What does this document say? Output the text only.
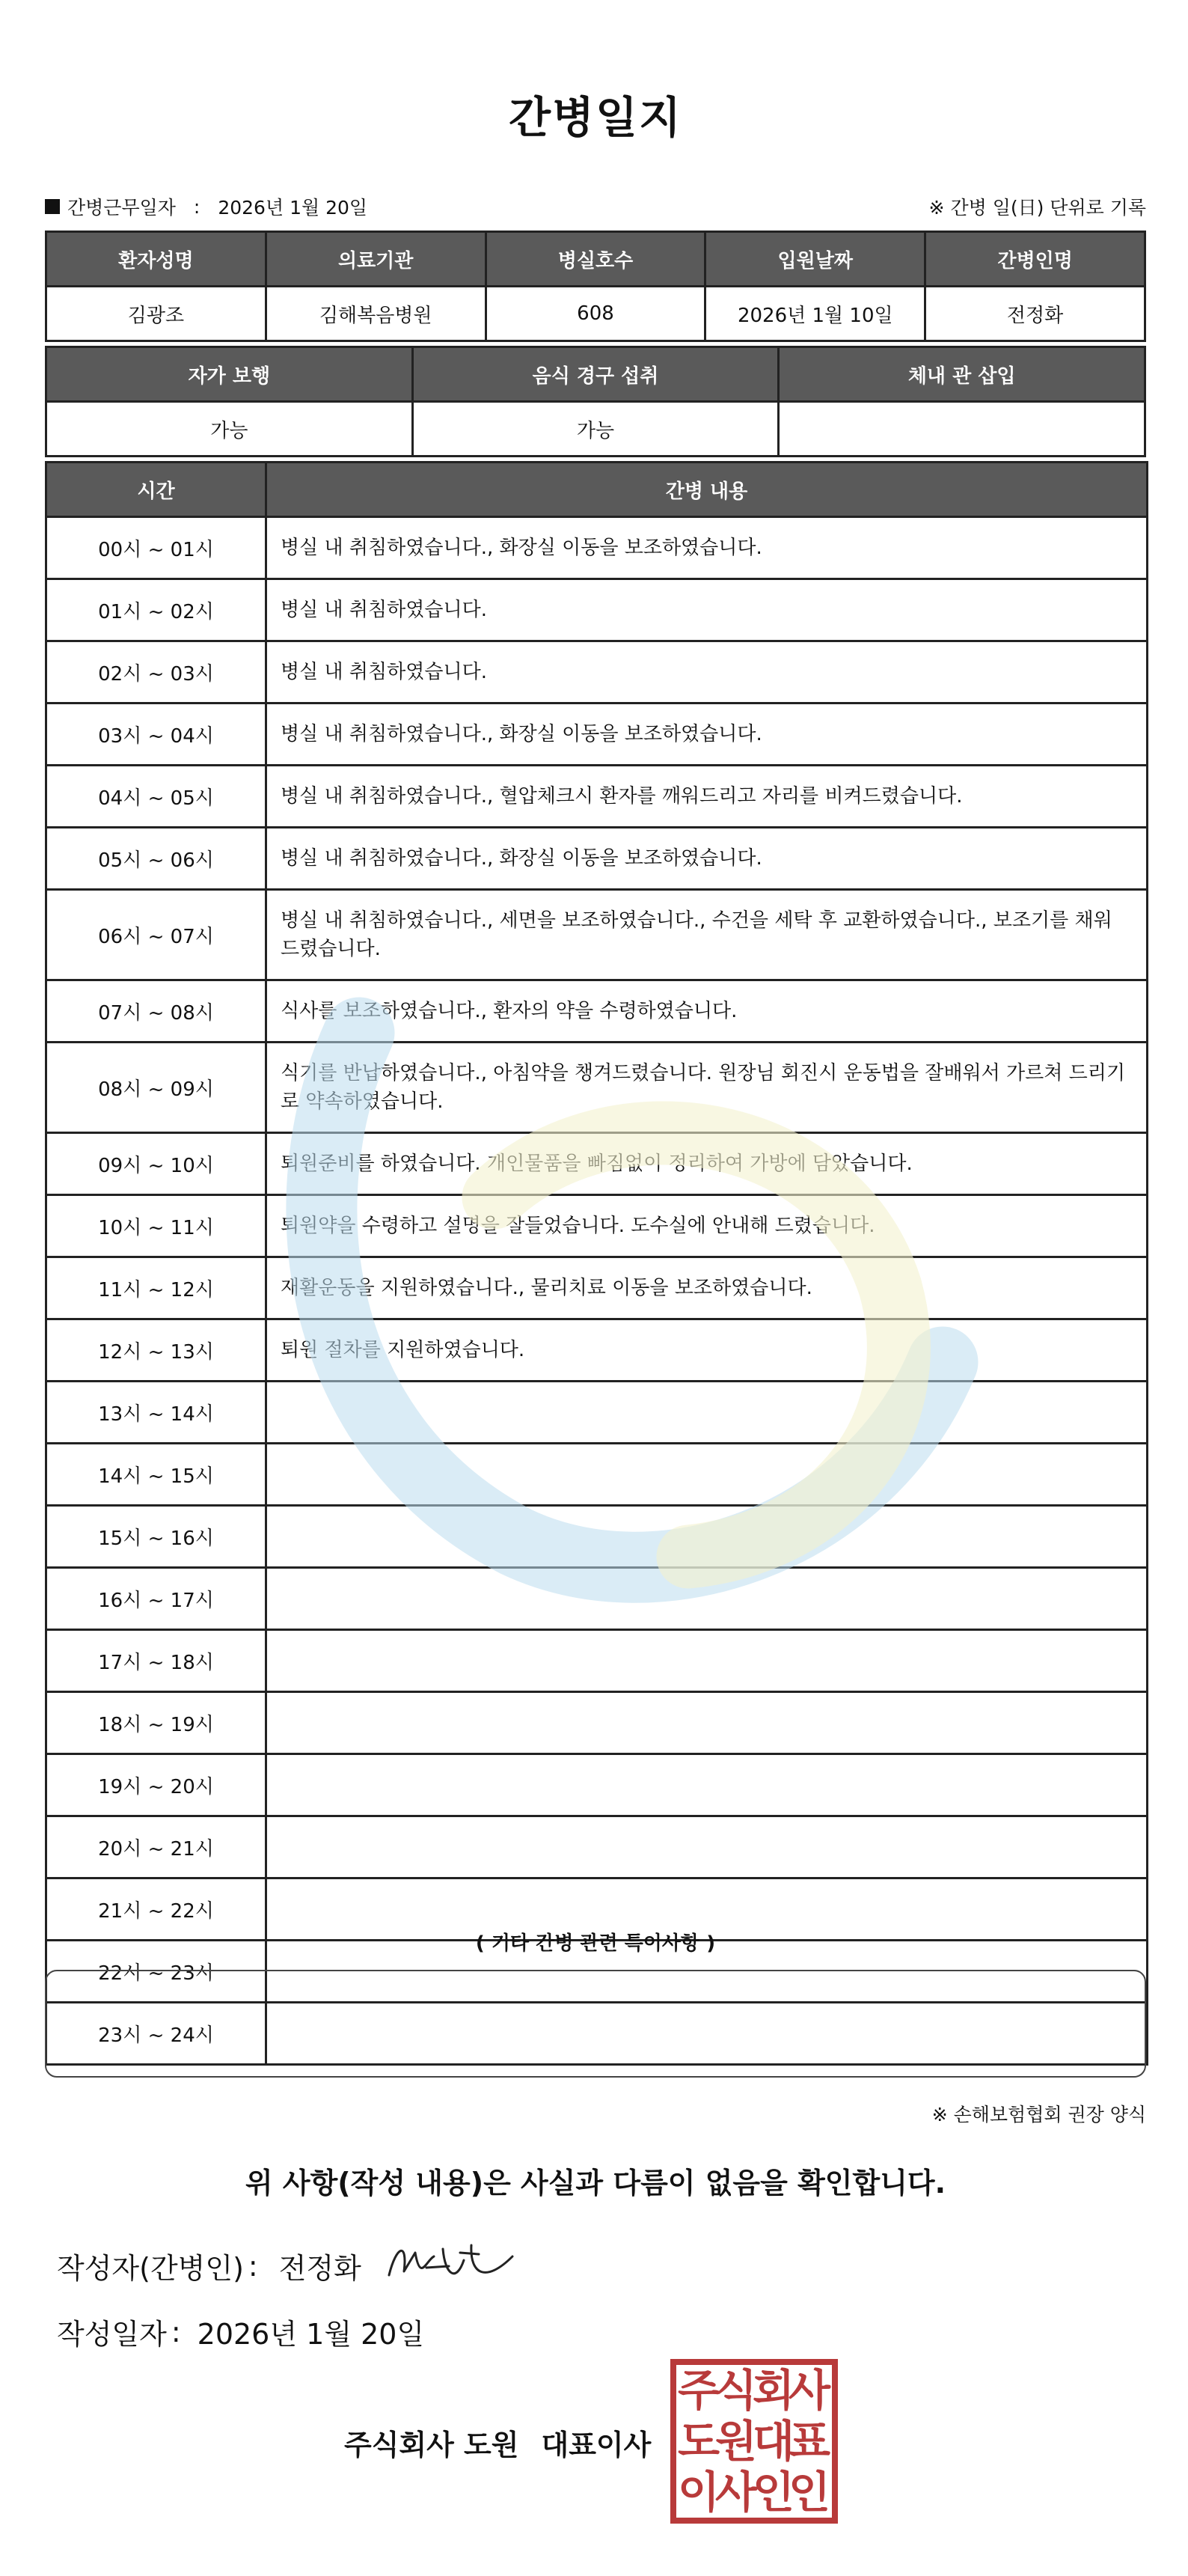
간병일지
간병근무일자 : 2026년 1월 20일	※ 간병 일(日) 단위로 기록
환자성명	의료기관	병실호수	입원날짜	간병인명
김광조	김해복음병원	608	2026년 1월 10일	전정화
자가 보행	음식 경구 섭취	체내 관 삽입
가능	가능	
시간	간병 내용
00시 ~ 01시	병실 내 취침하였습니다., 화장실 이동을 보조하였습니다.
01시 ~ 02시	병실 내 취침하였습니다.
02시 ~ 03시	병실 내 취침하였습니다.
03시 ~ 04시	병실 내 취침하였습니다., 화장실 이동을 보조하였습니다.
04시 ~ 05시	병실 내 취침하였습니다., 혈압체크시 환자를 깨워드리고 자리를 비켜드렸습니다.
05시 ~ 06시	병실 내 취침하였습니다., 화장실 이동을 보조하였습니다.
06시 ~ 07시	병실 내 취침하였습니다., 세면을 보조하였습니다., 수건을 세탁 후 교환하였습니다., 보조기를 채워드렸습니다.
07시 ~ 08시	식사를 보조하였습니다., 환자의 약을 수령하였습니다.
08시 ~ 09시	식기를 반납하였습니다., 아침약을 챙겨드렸습니다. 원장님 회진시 운동법을 잘배워서 가르쳐 드리기로 약속하였습니다.
09시 ~ 10시	퇴원준비를 하였습니다. 개인물품을 빠짐없이 정리하여 가방에 담았습니다.
10시 ~ 11시	퇴원약을 수령하고 설명을 잘들었습니다. 도수실에 안내해 드렸습니다.
11시 ~ 12시	재활운동을 지원하였습니다., 물리치료 이동을 보조하였습니다.
12시 ~ 13시	퇴원 절차를 지원하였습니다.
13시 ~ 14시	
14시 ~ 15시	
15시 ~ 16시	
16시 ~ 17시	
17시 ~ 18시	
18시 ~ 19시	
19시 ~ 20시	
20시 ~ 21시	
21시 ~ 22시	
22시 ~ 23시	
23시 ~ 24시	
( 기타 간병 관련 특이사항 )
※ 손해보험협회 권장 양식
위 사항(작성 내용)은 사실과 다름이 없음을 확인합니다.
작성자(간병인) : 전정화
작성일자 : 2026년 1월 20일
주식회사 도원 대표이사
주
식
회
사
도
원
대
표
이
사
인
인
